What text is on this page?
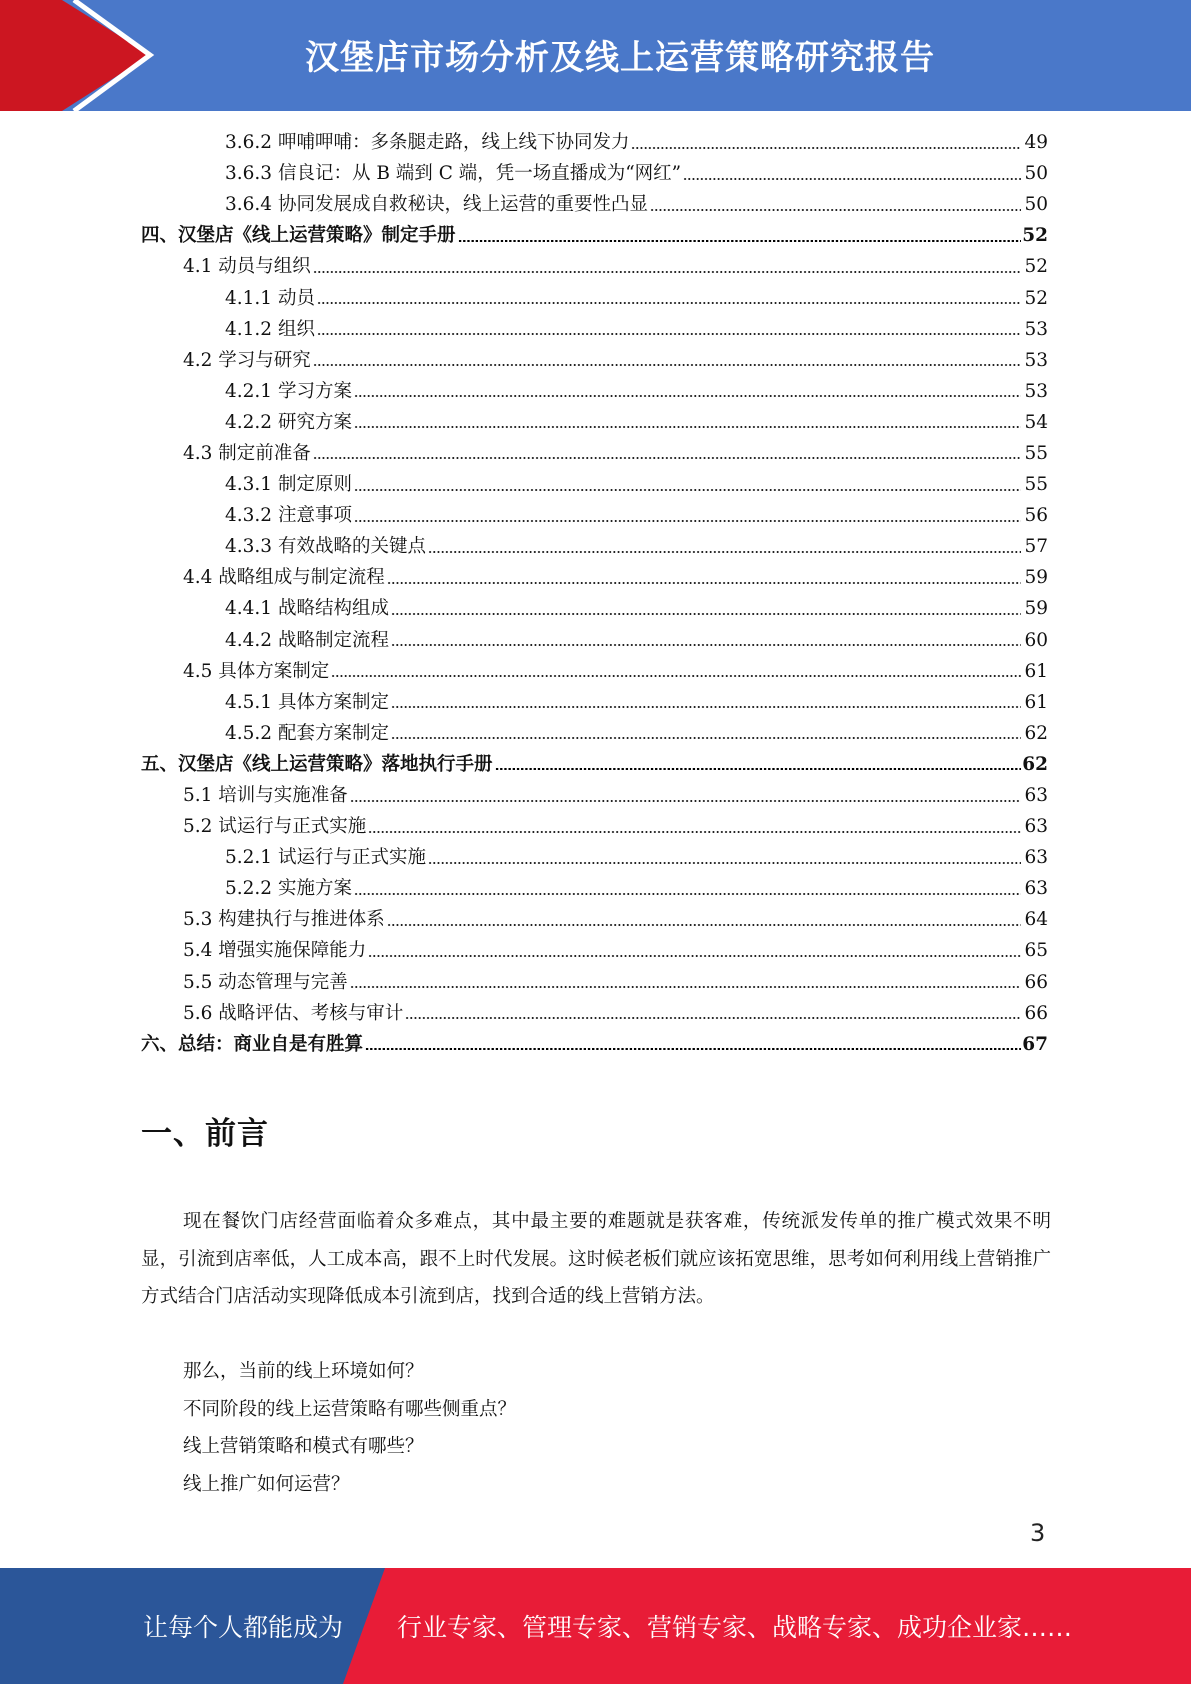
汉堡店市场分析及线上运营策略研究报告
3.6.2 呷哺呷哺：多条腿走路，线上线下协同发力	49
3.6.3 信良记：从 B 端到 C 端，凭一场直播成为“网红”	50
3.6.4 协同发展成自救秘诀，线上运营的重要性凸显	50
四、汉堡店《线上运营策略》制定手册	52
4.1 动员与组织	52
4.1.1 动员	52
4.1.2 组织	53
4.2 学习与研究	53
4.2.1 学习方案	53
4.2.2 研究方案	54
4.3 制定前准备	55
4.3.1 制定原则	55
4.3.2 注意事项	56
4.3.3 有效战略的关键点	57
4.4 战略组成与制定流程	59
4.4.1 战略结构组成	59
4.4.2 战略制定流程	60
4.5 具体方案制定	61
4.5.1 具体方案制定	61
4.5.2 配套方案制定	62
五、汉堡店《线上运营策略》落地执行手册	62
5.1 培训与实施准备	63
5.2 试运行与正式实施	63
5.2.1 试运行与正式实施	63
5.2.2 实施方案	63
5.3 构建执行与推进体系	64
5.4 增强实施保障能力	65
5.5 动态管理与完善	66
5.6 战略评估、考核与审计	66
六、总结：商业自是有胜算	67
一、前言
现在餐饮门店经营面临着众多难点，其中最主要的难题就是获客难，传统派发传单的推广模式效果不明显，引流到店率低，人工成本高，跟不上时代发展。这时候老板们就应该拓宽思维，思考如何利用线上营销推广方式结合门店活动实现降低成本引流到店，找到合适的线上营销方法。
那么，当前的线上环境如何？
不同阶段的线上运营策略有哪些侧重点？
线上营销策略和模式有哪些？
线上推广如何运营？
3
让每个人都能成为 行业专家、管理专家、营销专家、战略专家、成功企业家……
